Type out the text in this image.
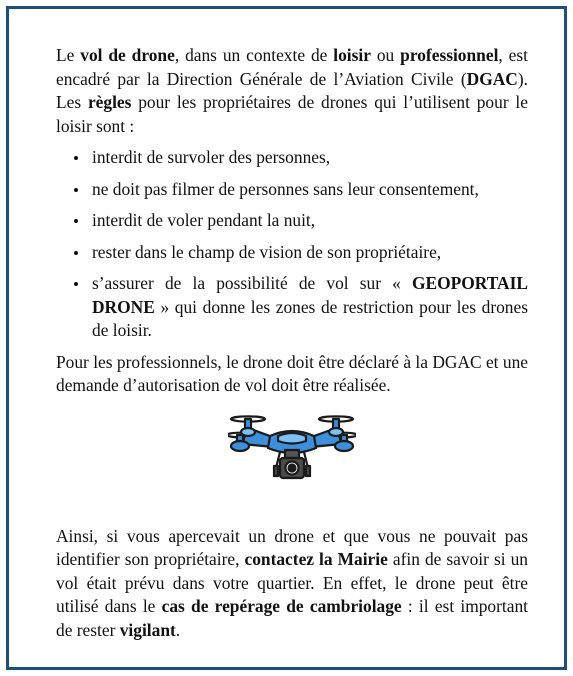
Le vol de drone, dans un contexte de loisir ou professionnel, est encadré par la Direction Générale de l’Aviation Civile (DGAC). Les règles pour les propriétaires de drones qui l’utilisent pour le loisir sont :

interdit de survoler des personnes,
ne doit pas filmer de personnes sans leur consentement,
interdit de voler pendant la nuit,
rester dans le champ de vision de son propriétaire,
s’assurer de la possibilité de vol sur « GEOPORTAIL DRONE » qui donne les zones de restriction pour les drones de loisir.

Pour les professionnels, le drone doit être déclaré à la DGAC et une demande d’autorisation de vol doit être réalisée.

Ainsi, si vous apercevait un drone et que vous ne pouvait pas identifier son propriétaire, contactez la Mairie afin de savoir si un vol était prévu dans votre quartier. En effet, le drone peut être utilisé dans le cas de repérage de cambriolage : il est important de rester vigilant.
